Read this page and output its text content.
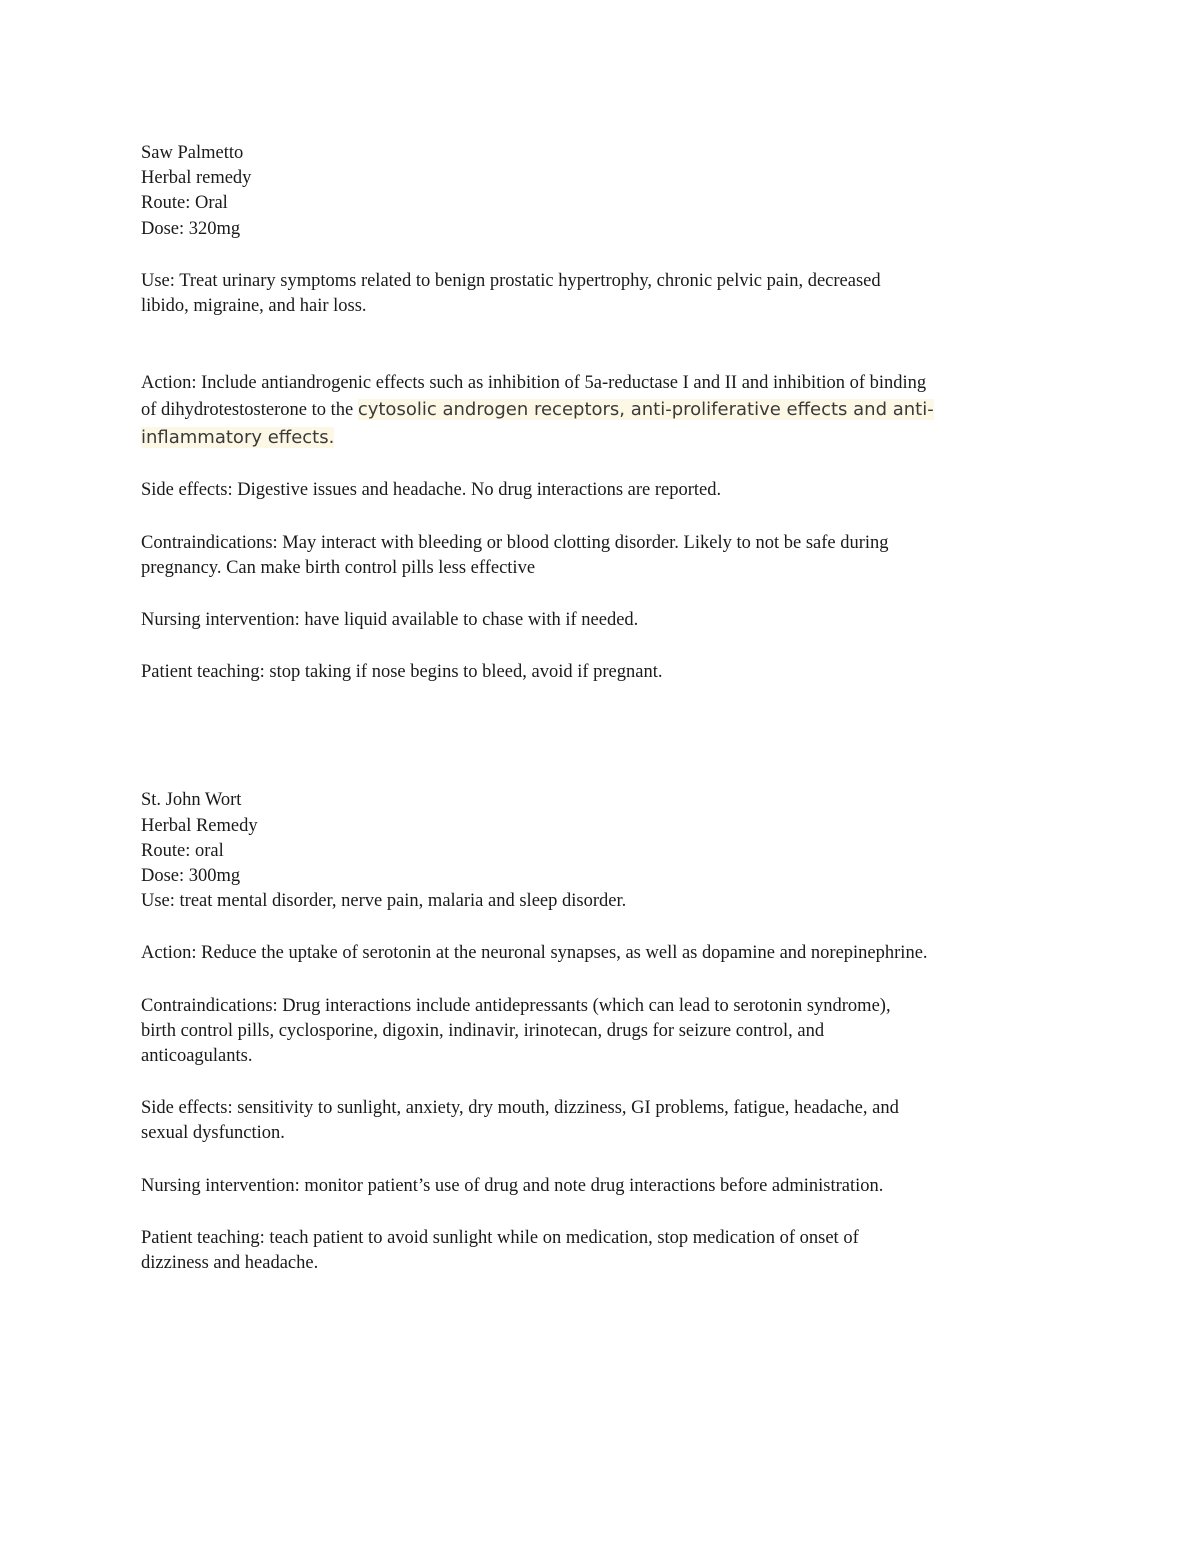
Saw Palmetto
Herbal remedy
Route: Oral
Dose: 320mg
Use: Treat urinary symptoms related to benign prostatic hypertrophy, chronic pelvic pain, decreased
libido, migraine, and hair loss.
Action: Include antiandrogenic effects such as inhibition of 5a-reductase I and II and inhibition of binding
of dihydrotestosterone to the cytosolic androgen receptors, anti-proliferative effects and anti-
inflammatory effects.
Side effects: Digestive issues and headache. No drug interactions are reported.
Contraindications: May interact with bleeding or blood clotting disorder. Likely to not be safe during
pregnancy. Can make birth control pills less effective
Nursing intervention: have liquid available to chase with if needed.
Patient teaching: stop taking if nose begins to bleed, avoid if pregnant.
St. John Wort
Herbal Remedy
Route: oral
Dose: 300mg
Use: treat mental disorder, nerve pain, malaria and sleep disorder.
Action: Reduce the uptake of serotonin at the neuronal synapses, as well as dopamine and norepinephrine.
Contraindications: Drug interactions include antidepressants (which can lead to serotonin syndrome),
birth control pills, cyclosporine, digoxin, indinavir, irinotecan, drugs for seizure control, and
anticoagulants.
Side effects: sensitivity to sunlight, anxiety, dry mouth, dizziness, GI problems, fatigue, headache, and
sexual dysfunction.
Nursing intervention: monitor patient’s use of drug and note drug interactions before administration.
Patient teaching: teach patient to avoid sunlight while on medication, stop medication of onset of
dizziness and headache.
